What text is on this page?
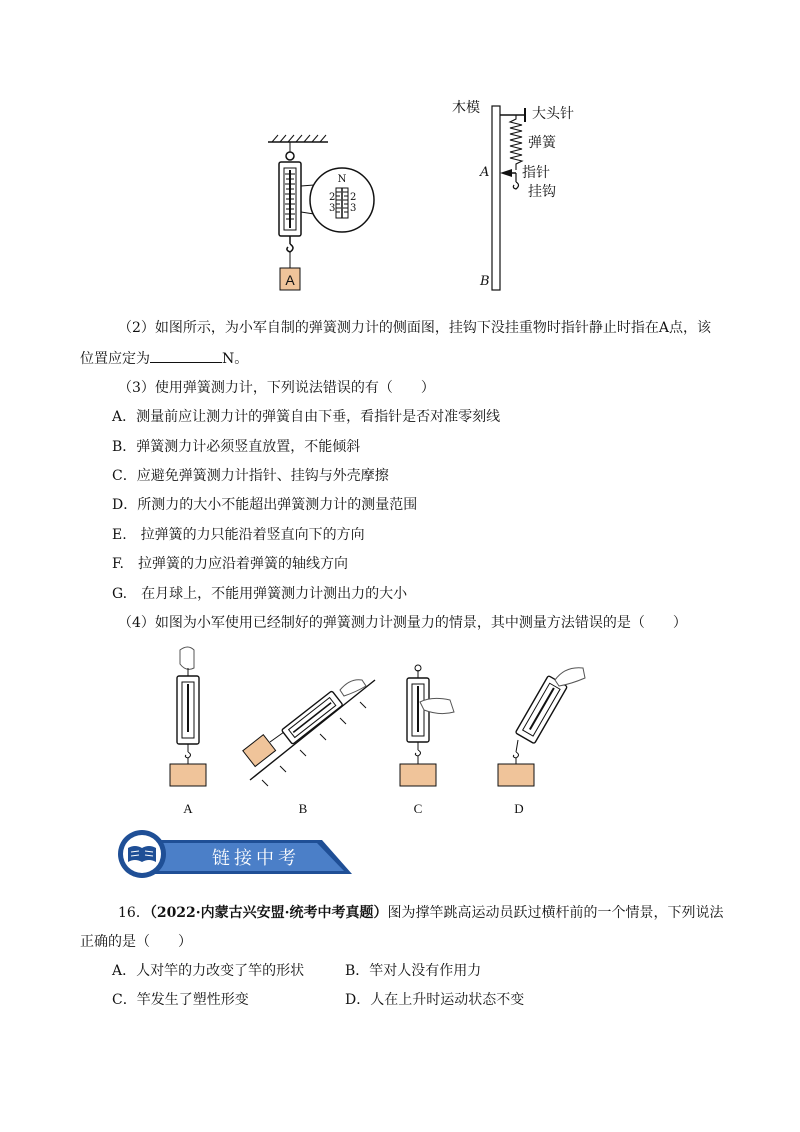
A
N
2
3
2
3
木模	大头针
弹簧
A 指针
挂钩
B
（2）如图所示，为小军自制的弹簧测力计的侧面图，挂钩下没挂重物时指针静止时指在A点，该
位置应定为	N。
（3）使用弹簧测力计，下列说法错误的有（　　）
A．测量前应让测力计的弹簧自由下垂，看指针是否对准零刻线
B．弹簧测力计必须竖直放置，不能倾斜
C．应避免弹簧测力计指针、挂钩与外壳摩擦
D．所测力的大小不能超出弹簧测力计的测量范围
E.　拉弹簧的力只能沿着竖直向下的方向
F.　拉弹簧的力应沿着弹簧的轴线方向
G.　在月球上，不能用弹簧测力计测出力的大小
（4）如图为小军使用已经制好的弹簧测力计测量力的情景，其中测量方法错误的是（　　）
A	B	C	D
链接中考
16．（2022·内蒙古兴安盟·统考中考真题）图为撑竿跳高运动员跃过横杆前的一个情景，下列说法
正确的是（　　）
A．人对竿的力改变了竿的形状	B．竿对人没有作用力
C．竿发生了塑性形变	D．人在上升时运动状态不变
